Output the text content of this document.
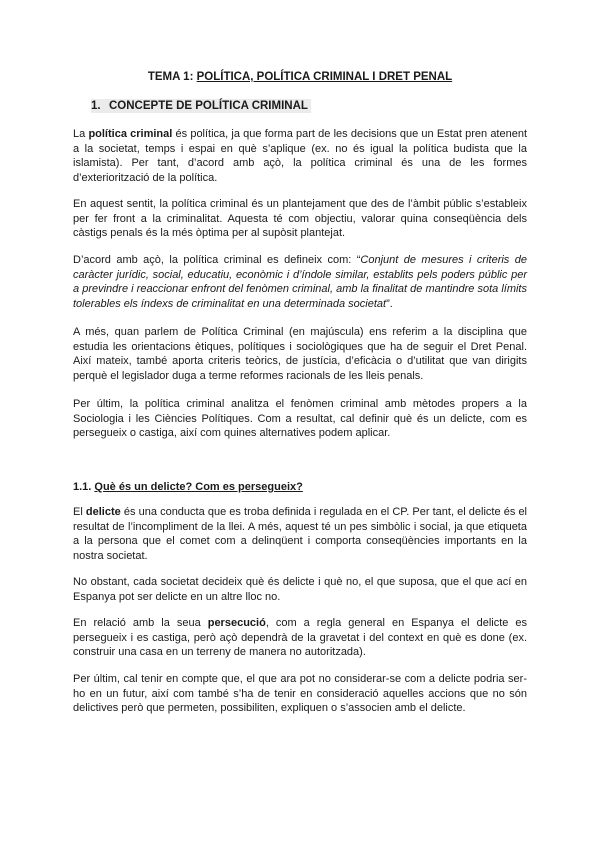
TEMA 1: POLÍTICA, POLÍTICA CRIMINAL I DRET PENAL
1. CONCEPTE DE POLÍTICA CRIMINAL

La política criminal és política, ja que forma part de les decisions que un Estat pren atenent a la societat, temps i espai en què s’aplique (ex. no és igual la política budista que la islamista). Per tant, d’acord amb açò, la política criminal és una de les formes d’exteriorització de la política.

En aquest sentit, la política criminal és un plantejament que des de l’àmbit públic s’estableix per fer front a la criminalitat. Aquesta té com objectiu, valorar quina conseqüència dels càstigs penals és la més òptima per al supòsit plantejat.

D’acord amb açò, la política criminal es defineix com: “Conjunt de mesures i criteris de caràcter jurídic, social, educatiu, econòmic i d’índole similar, establits pels poders públic per a previndre i reaccionar enfront del fenòmen criminal, amb la finalitat de mantindre sota límits tolerables els índexs de criminalitat en una determinada societat”.

A més, quan parlem de Política Criminal (en majúscula) ens referim a la disciplina que estudia les orientacions ètiques, polítiques i sociològiques que ha de seguir el Dret Penal. Així mateix, també aporta criteris teòrics, de justícia, d’eficàcia o d’utilitat que van dirigits perquè el legislador duga a terme reformes racionals de les lleis penals.

Per últim, la política criminal analitza el fenòmen criminal amb mètodes propers a la Sociologia i les Ciències Polítiques. Com a resultat, cal definir què és un delicte, com es persegueix o castiga, així com quines alternatives podem aplicar.

1.1. Què és un delicte? Com es persegueix?

El delicte és una conducta que es troba definida i regulada en el CP. Per tant, el delicte és el resultat de l’incompliment de la llei. A més, aquest té un pes simbòlic i social, ja que etiqueta a la persona que el comet com a delinqüent i comporta conseqüències importants en la nostra societat.

No obstant, cada societat decideix què és delicte i què no, el que suposa, que el que ací en Espanya pot ser delicte en un altre lloc no.

En relació amb la seua persecució, com a regla general en Espanya el delicte es persegueix i es castiga, però açò dependrà de la gravetat i del context en què es done (ex. construir una casa en un terreny de manera no autoritzada).

Per últim, cal tenir en compte que, el que ara pot no considerar-se com a delicte podria ser-ho en un futur, així com també s’ha de tenir en consideració aquelles accions que no són delictives però que permeten, possibiliten, expliquen o s’associen amb el delicte.
